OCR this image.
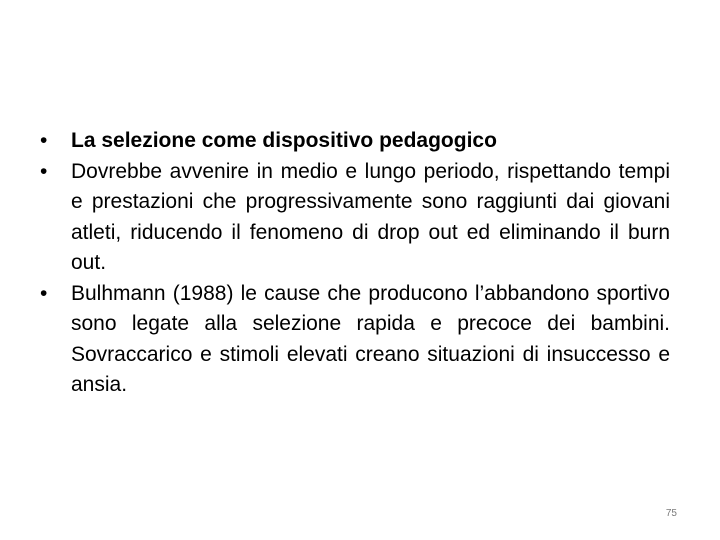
• La selezione come dispositivo pedagogico
• Dovrebbe avvenire in medio e lungo periodo, rispettando tempi e prestazioni che progressivamente sono raggiunti dai giovani atleti, riducendo il fenomeno di drop out ed eliminando il burn out.
• Bulhmann (1988) le cause che producono l’abbandono sportivo sono legate alla selezione rapida e precoce dei bambini. Sovraccarico e stimoli elevati creano situazioni di insuccesso e ansia.
75
